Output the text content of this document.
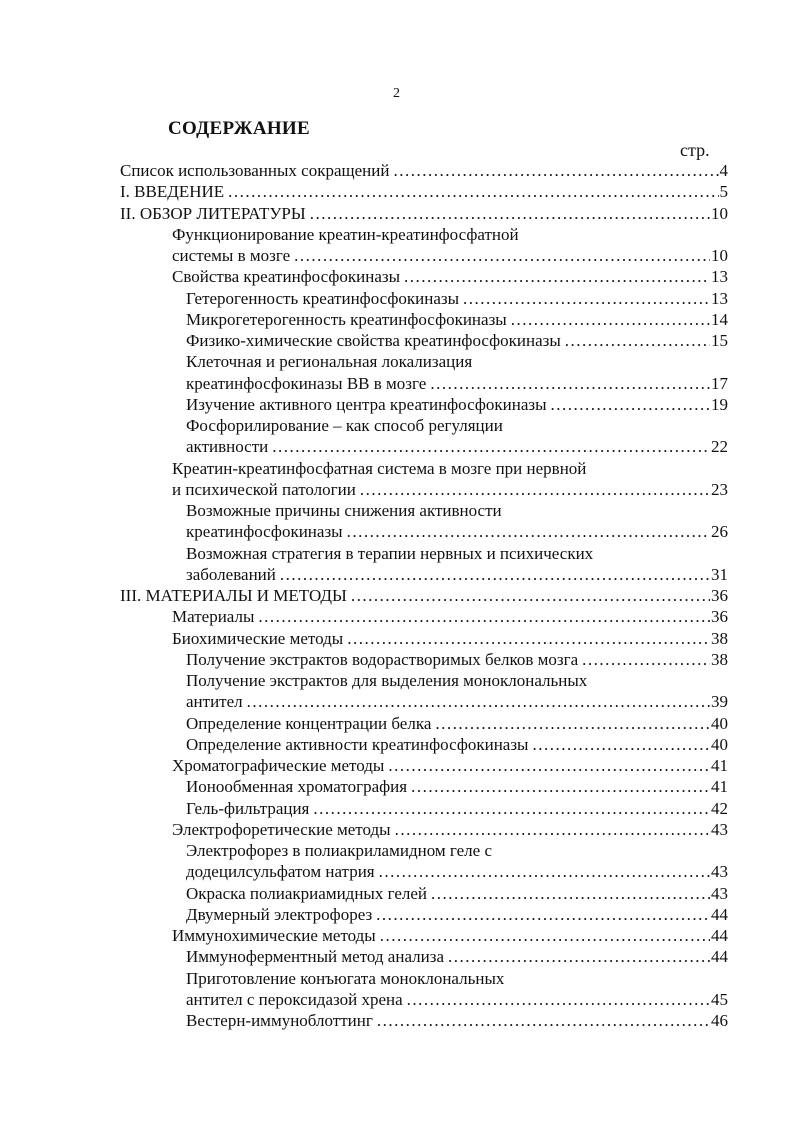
2
СОДЕРЖАНИЕ
стр.
Список использованных сокращений .....	4
I. ВВЕДЕНИЕ .....	5
II. ОБЗОР ЛИТЕРАТУРЫ .....	10
Функционирование креатин-креатинфосфатной
системы в мозге .....	10
Свойства креатинфосфокиназы .....	13
Гетерогенность креатинфосфокиназы .....	13
Микрогетерогенность креатинфосфокиназы .....	14
Физико-химические свойства креатинфосфокиназы .....	15
Клеточная и региональная локализация
креатинфосфокиназы ВВ в мозге .....	17
Изучение активного центра креатинфосфокиназы .....	19
Фосфорилирование – как способ регуляции
активности .....	22
Креатин-креатинфосфатная система в мозге при нервной
и психической патологии .....	23
Возможные причины снижения активности
креатинфосфокиназы .....	26
Возможная стратегия в терапии нервных и психических
заболеваний .....	31
III. МАТЕРИАЛЫ И МЕТОДЫ .....	36
Материалы .....	36
Биохимические методы .....	38
Получение экстрактов водорастворимых белков мозга .....	38
Получение экстрактов для выделения моноклональных
антител .....	39
Определение концентрации белка .....	40
Определение активности креатинфосфокиназы .....	40
Хроматографические методы .....	41
Ионообменная хроматография .....	41
Гель-фильтрация .....	42
Электрофоретические методы .....	43
Электрофорез в полиакриламидном геле с
додецилсульфатом натрия .....	43
Окраска полиакриамидных гелей .....	43
Двумерный электрофорез .....	44
Иммунохимические методы .....	44
Иммуноферментный метод анализа .....	44
Приготовление конъюгата моноклональных
антител с пероксидазой хрена .....	45
Вестерн-иммуноблоттинг .....	46
